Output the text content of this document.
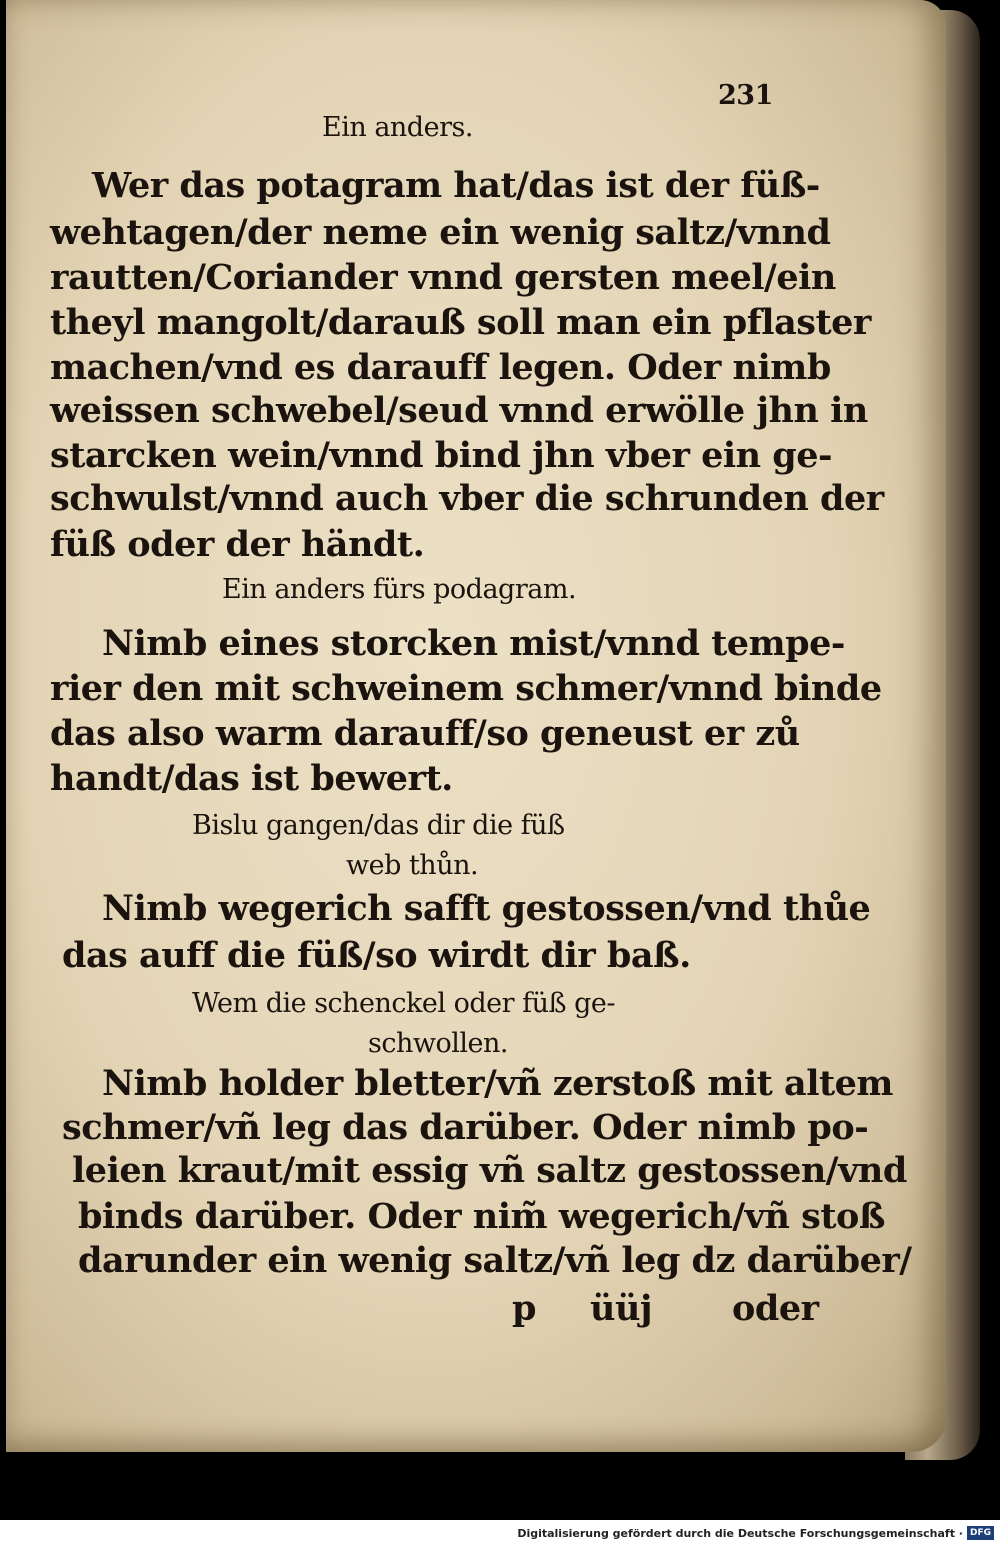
231
Ein anders.
Wer das potagram hat/das ist der füß-
wehtagen/der neme ein wenig saltz/vnnd
rautten/Coriander vnnd gersten meel/ein
theyl mangolt/darauß soll man ein pflaster
machen/vnd es darauff legen. Oder nimb
weissen schwebel/seud vnnd erwölle jhn in
starcken wein/vnnd bind jhn vber ein ge-
schwulst/vnnd auch vber die schrunden der
füß oder der händt.
Ein anders fürs podagram.
Nimb eines storcken mist/vnnd tempe-
rier den mit schweinem schmer/vnnd binde
das also warm darauff/so geneust er zů
handt/das ist bewert.
Bislu gangen/das dir die füß
web thůn.
Nimb wegerich safft gestossen/vnd thůe
das auff die füß/so wirdt dir baß.
Wem die schenckel oder füß ge-
schwollen.
Nimb holder bletter/vñ zerstoß mit altem
schmer/vñ leg das darüber. Oder nimb po-
leien kraut/mit essig vñ saltz gestossen/vnd
binds darüber. Oder nim̃ wegerich/vñ stoß
darunder ein wenig saltz/vñ leg dz darüber/
p üüj oder
Digitalisierung gefördert durch die Deutsche Forschungsgemeinschaft · DFG
